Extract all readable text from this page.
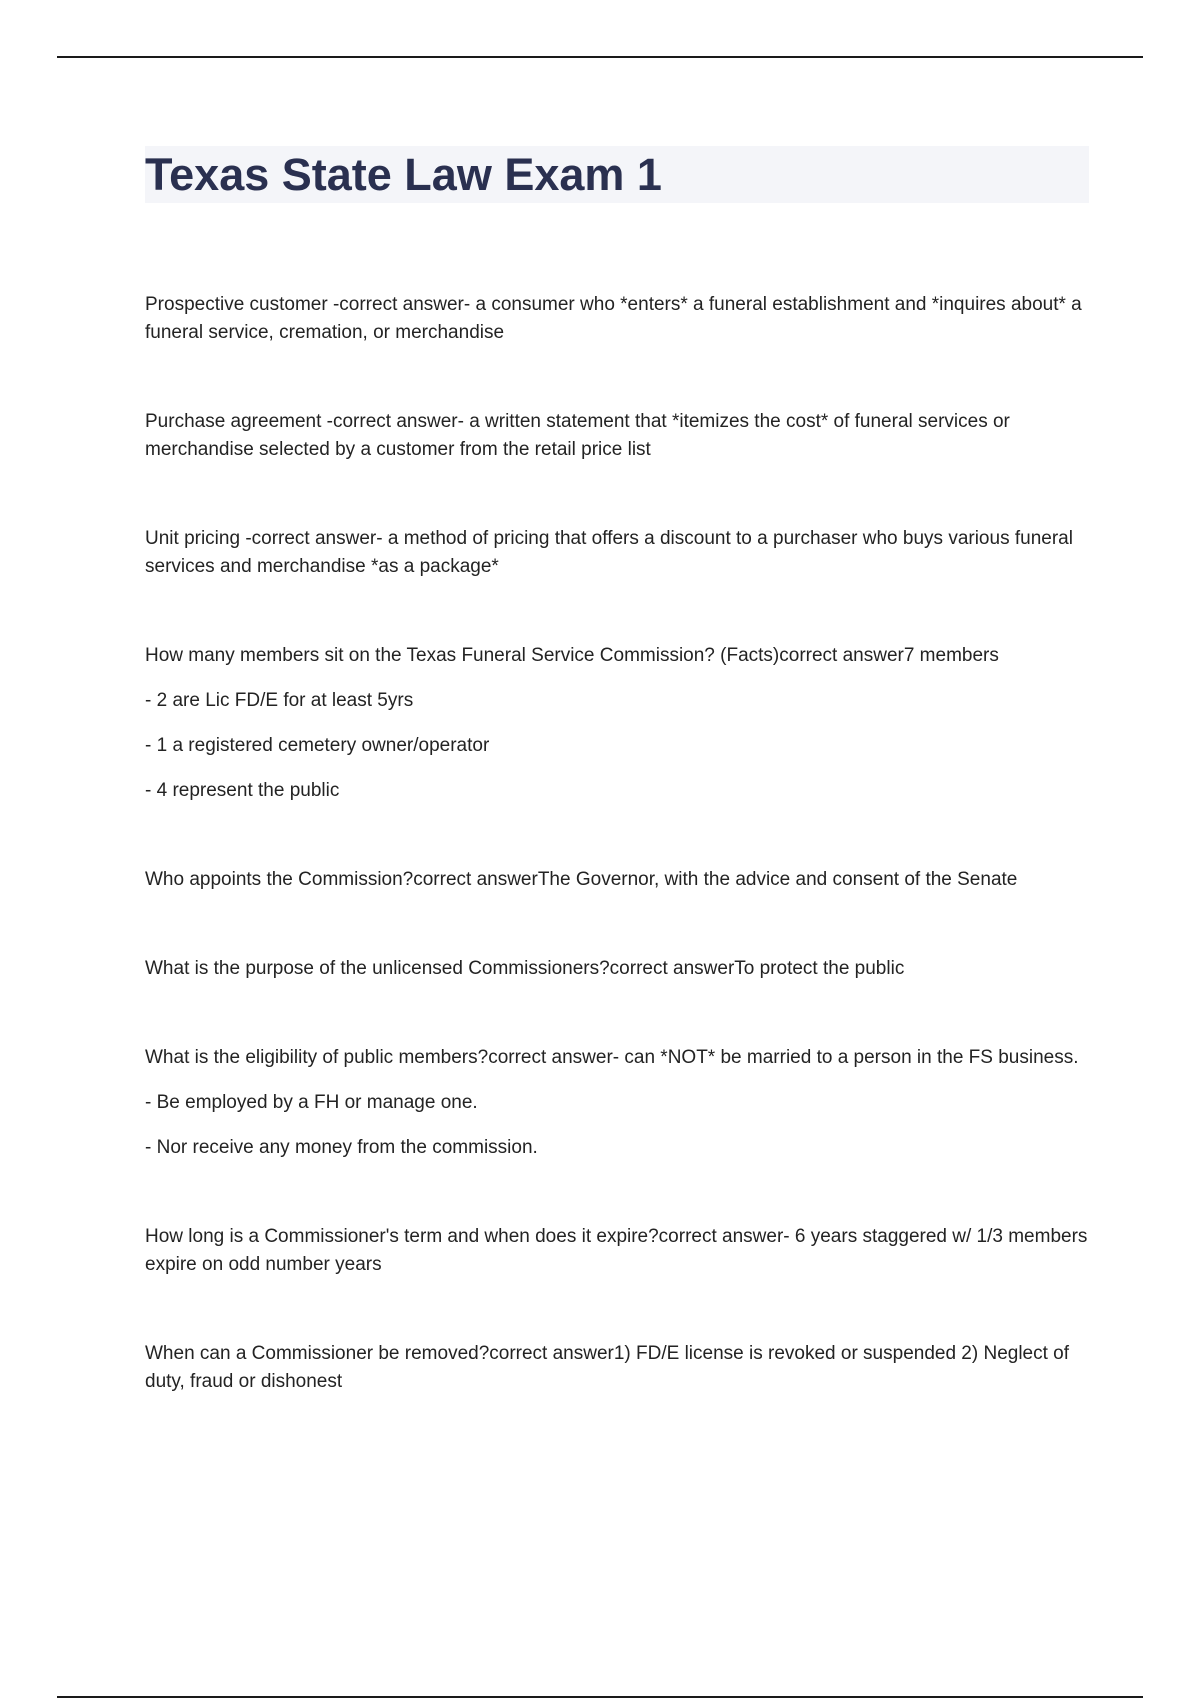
Texas State Law Exam 1

Prospective customer -correct answer- a consumer who *enters* a funeral establishment and *inquires about* a funeral service, cremation, or merchandise

Purchase agreement -correct answer- a written statement that *itemizes the cost* of funeral services or merchandise selected by a customer from the retail price list

Unit pricing -correct answer- a method of pricing that offers a discount to a purchaser who buys various funeral services and merchandise *as a package*

How many members sit on the Texas Funeral Service Commission? (Facts)correct answer7 members

- 2 are Lic FD/E for at least 5yrs

- 1 a registered cemetery owner/operator

- 4 represent the public

Who appoints the Commission?correct answerThe Governor, with the advice and consent of the Senate

What is the purpose of the unlicensed Commissioners?correct answerTo protect the public

What is the eligibility of public members?correct answer- can *NOT* be married to a person in the FS business.

- Be employed by a FH or manage one.

- Nor receive any money from the commission.

How long is a Commissioner's term and when does it expire?correct answer- 6 years staggered w/ 1/3 members expire on odd number years

When can a Commissioner be removed?correct answer1) FD/E license is revoked or suspended 2) Neglect of duty, fraud or dishonest
